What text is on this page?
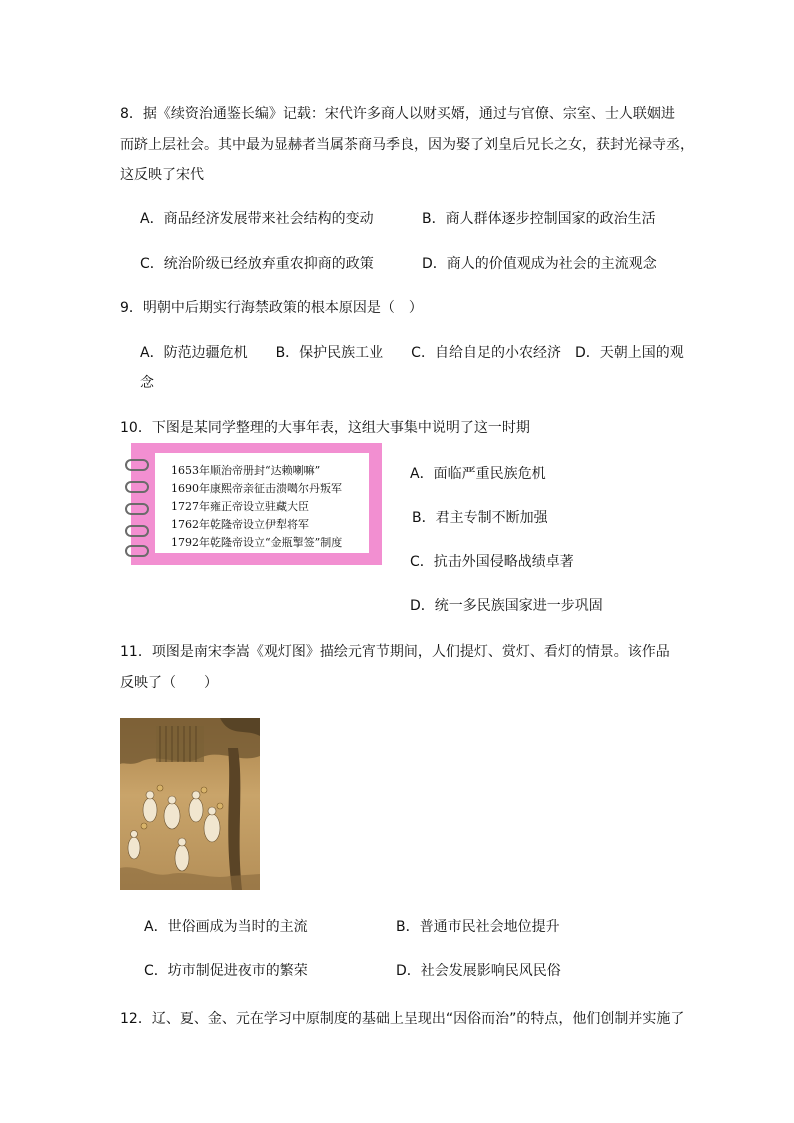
8．据《续资治通鉴长编》记载：宋代许多商人以财买婿，通过与官僚、宗室、士人联姻进
而跻上层社会。其中最为显赫者当属茶商马季良，因为娶了刘皇后兄长之女，获封光禄寺丞，
这反映了宋代
A．商品经济发展带来社会结构的变动	B．商人群体逐步控制国家的政治生活
C．统治阶级已经放弃重农抑商的政策	D．商人的价值观成为社会的主流观念
9．明朝中后期实行海禁政策的根本原因是（　）
A．防范边疆危机　　B．保护民族工业　　C．自给自足的小农经济　D．天朝上国的观
念
10．下图是某同学整理的大事年表，这组大事集中说明了这一时期
1653年顺治帝册封“达赖喇嘛”
1690年康熙帝亲征击溃噶尔丹叛军
1727年雍正帝设立驻藏大臣
1762年乾隆帝设立伊犁将军
1792年乾隆帝设立“金瓶掣签”制度
A．面临严重民族危机
B．君主专制不断加强
C．抗击外国侵略战绩卓著
D．统一多民族国家进一步巩固
11．项图是南宋李嵩《观灯图》描绘元宵节期间，人们提灯、赏灯、看灯的情景。该作品
反映了（　　）
A．世俗画成为当时的主流	B．普通市民社会地位提升
C．坊市制促进夜市的繁荣	D．社会发展影响民风民俗
12．辽、夏、金、元在学习中原制度的基础上呈现出“因俗而治”的特点，他们创制并实施了
